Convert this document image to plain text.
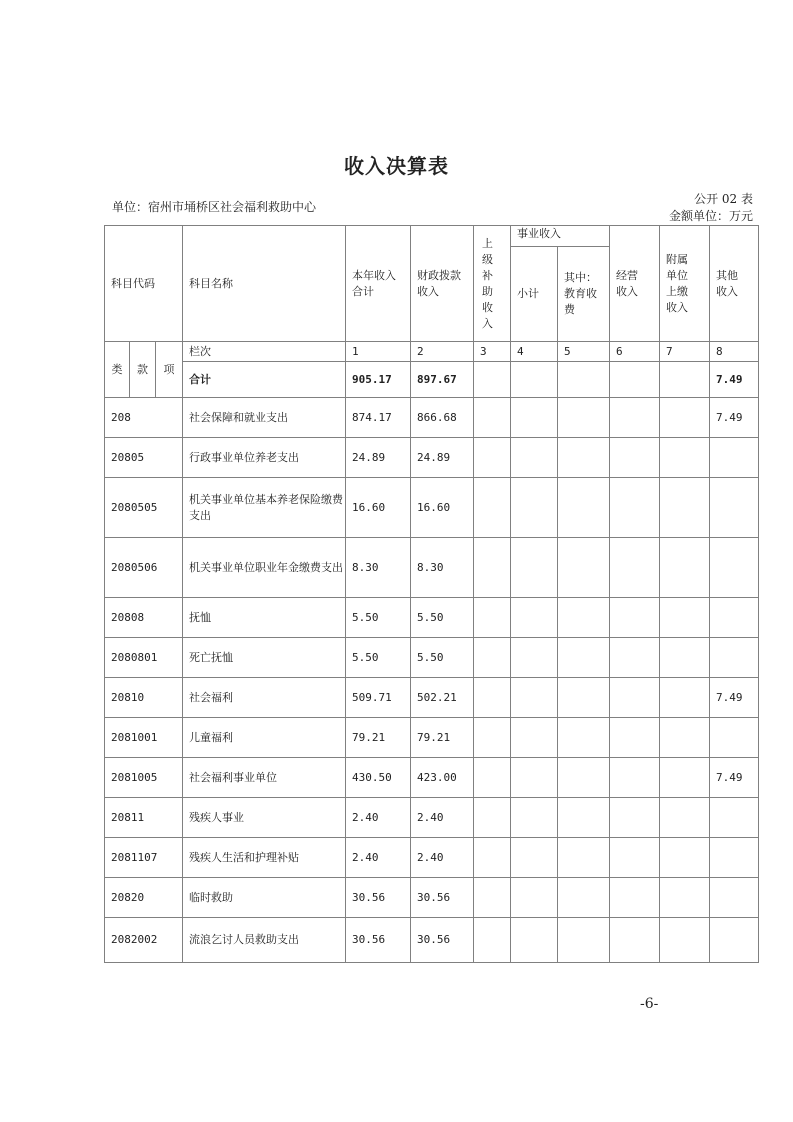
收入决算表
单位：宿州市埇桥区社会福利救助中心
公开 02 表
金额单位：万元
科目代码			科目名称	本年收入合计	财政拨款收入	上级补助收入	事业收入		经营收入	附属单位上缴收入	其他收入
							小计	其中：教育收费			
类	款	项	栏次	1	2	3	4	5	6	7	8
			合计	905.17	897.67						7.49
208			社会保障和就业支出	874.17	866.68						7.49
20805			行政事业单位养老支出	24.89	24.89						
2080505			机关事业单位基本养老保险缴费支出	16.60	16.60						
2080506			机关事业单位职业年金缴费支出	8.30	8.30						
20808			抚恤	5.50	5.50						
2080801			死亡抚恤	5.50	5.50						
20810			社会福利	509.71	502.21						7.49
2081001			儿童福利	79.21	79.21						
2081005			社会福利事业单位	430.50	423.00						7.49
20811			残疾人事业	2.40	2.40						
2081107			残疾人生活和护理补贴	2.40	2.40						
20820			临时救助	30.56	30.56						
2082002			流浪乞讨人员救助支出	30.56	30.56						
-6-
